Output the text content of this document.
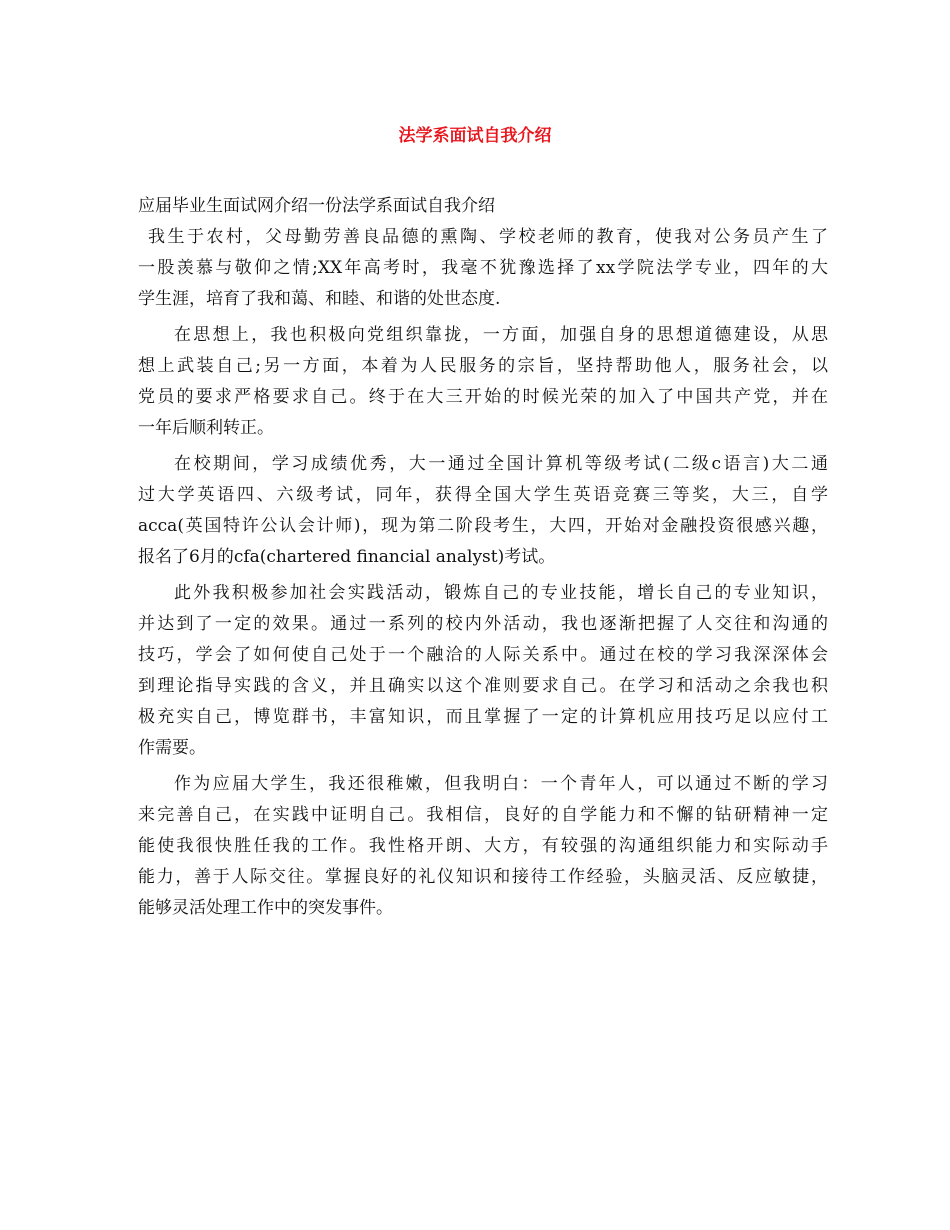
法学系面试自我介绍
应届毕业生面试网介绍一份法学系面试自我介绍
我生于农村，父母勤劳善良品德的熏陶、学校老师的教育，使我对公务员产生了
一股羡慕与敬仰之情;XX年高考时，我毫不犹豫选择了xx学院法学专业，四年的大
学生涯，培育了我和蔼、和睦、和谐的处世态度.
在思想上，我也积极向党组织靠拢，一方面，加强自身的思想道德建设，从思
想上武装自己;另一方面，本着为人民服务的宗旨，坚持帮助他人，服务社会，以
党员的要求严格要求自己。终于在大三开始的时候光荣的加入了中国共产党，并在
一年后顺利转正。
在校期间，学习成绩优秀，大一通过全国计算机等级考试(二级c语言)大二通
过大学英语四、六级考试，同年，获得全国大学生英语竞赛三等奖，大三，自学
acca(英国特许公认会计师)，现为第二阶段考生，大四，开始对金融投资很感兴趣，
报名了6月的cfa(chartered financial analyst)考试。
此外我积极参加社会实践活动，锻炼自己的专业技能，增长自己的专业知识，
并达到了一定的效果。通过一系列的校内外活动，我也逐渐把握了人交往和沟通的
技巧，学会了如何使自己处于一个融洽的人际关系中。通过在校的学习我深深体会
到理论指导实践的含义，并且确实以这个准则要求自己。在学习和活动之余我也积
极充实自己，博览群书，丰富知识，而且掌握了一定的计算机应用技巧足以应付工
作需要。
作为应届大学生，我还很稚嫩，但我明白：一个青年人，可以通过不断的学习
来完善自己，在实践中证明自己。我相信，良好的自学能力和不懈的钻研精神一定
能使我很快胜任我的工作。我性格开朗、大方，有较强的沟通组织能力和实际动手
能力，善于人际交往。掌握良好的礼仪知识和接待工作经验，头脑灵活、反应敏捷，
能够灵活处理工作中的突发事件。
